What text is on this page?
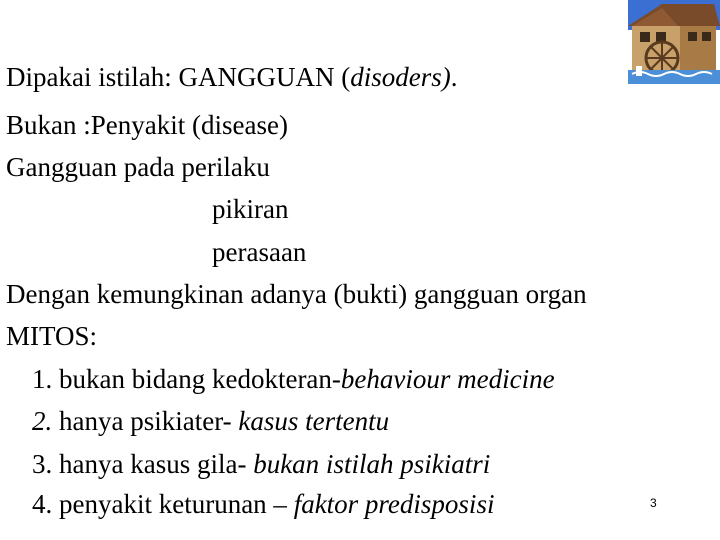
Dipakai istilah: GANGGUAN (disoders).
Bukan :Penyakit (disease)
Gangguan pada perilaku
pikiran
perasaan
Dengan kemungkinan adanya (bukti) gangguan organ
MITOS:
1. bukan bidang kedokteran-behaviour medicine
2. hanya psikiater- kasus tertentu
3. hanya kasus gila- bukan istilah psikiatri
4. penyakit keturunan – faktor predisposisi	3
